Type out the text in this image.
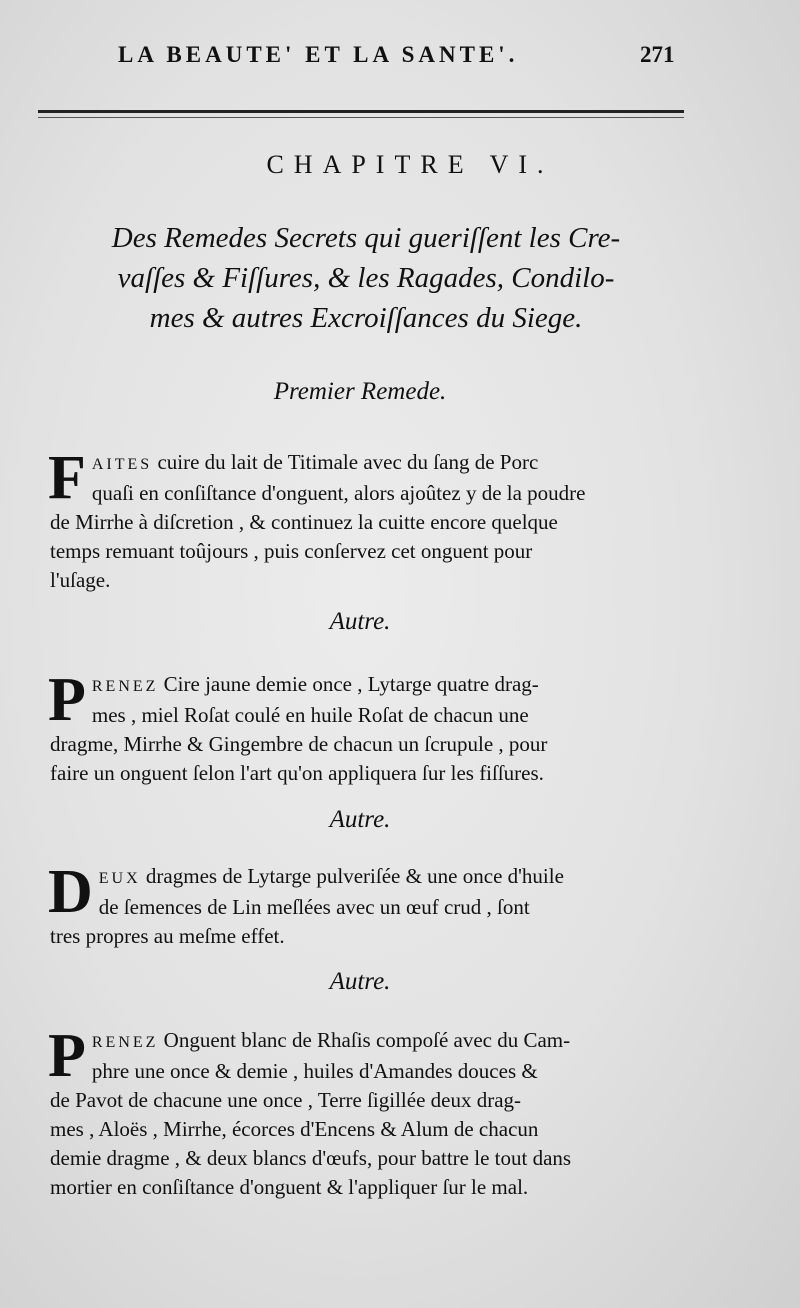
LA BEAUTE' ET LA SANTE'.	271
CHAPITRE VI.
Des Remedes Secrets qui gueriſſent les Cre-
vaſſes & Fiſſures, & les Ragades, Condilo-
mes & autres Excroiſſances du Siege.
Premier Remede.
F AITES cuire du lait de Titimale avec du ſang de Porc
quaſi en conſiſtance d'onguent, alors ajoûtez y de la poudre
de Mirrhe à diſcretion , & continuez la cuitte encore quelque
temps remuant toûjours , puis conſervez cet onguent pour
l'uſage.
Autre.
P RENEZ Cire jaune demie once , Lytarge quatre drag-
mes , miel Roſat coulé en huile Roſat de chacun une
dragme, Mirrhe & Gingembre de chacun un ſcrupule , pour
faire un onguent ſelon l'art qu'on appliquera ſur les fiſſures.
Autre.
D EUX dragmes de Lytarge pulveriſée & une once d'huile
de ſemences de Lin meſlées avec un œuf crud , ſont
tres propres au meſme effet.
Autre.
P RENEZ Onguent blanc de Rhaſis compoſé avec du Cam-
phre une once & demie , huiles d'Amandes douces &
de Pavot de chacune une once , Terre ſigillée deux drag-
mes , Aloës , Mirrhe, écorces d'Encens & Alum de chacun
demie dragme , & deux blancs d'œufs, pour battre le tout dans
mortier en conſiſtance d'onguent & l'appliquer ſur le mal.
